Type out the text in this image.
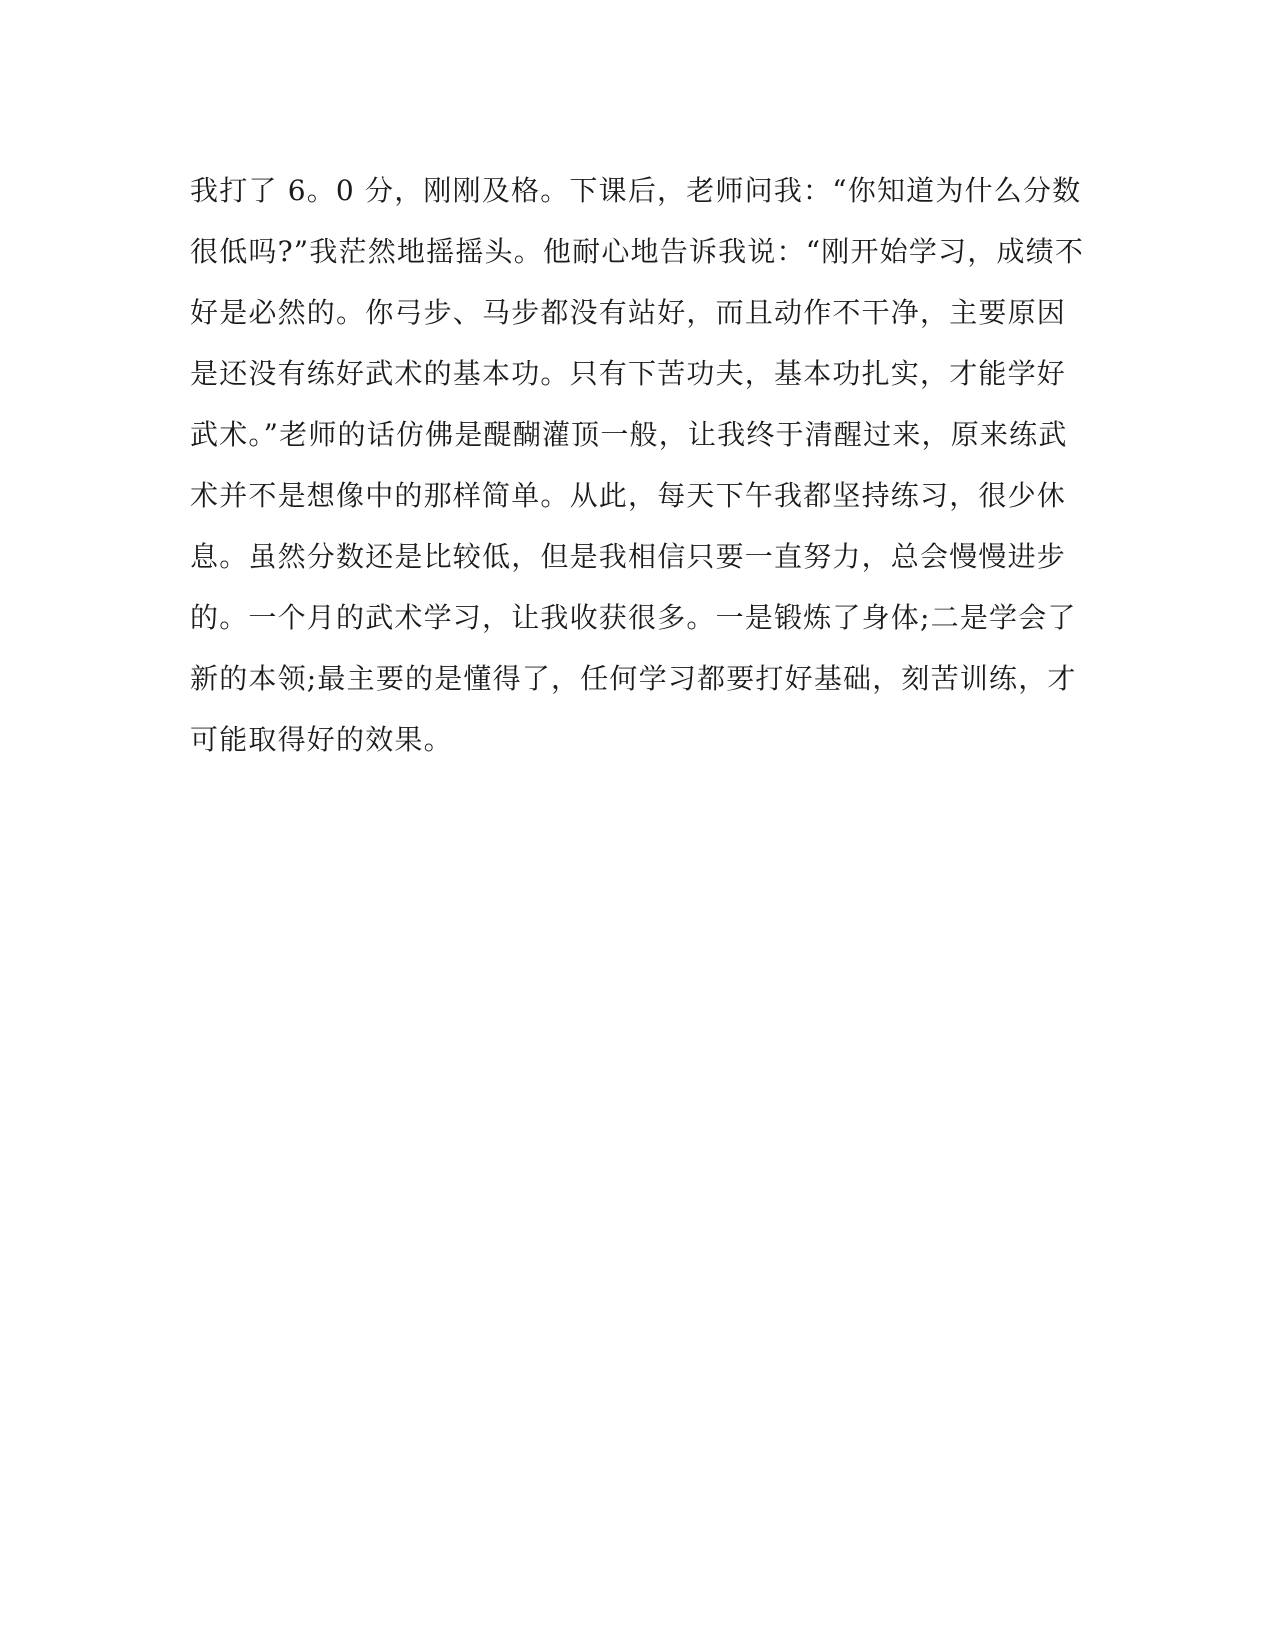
我打了 6。0 分，刚刚及格。下课后，老师问我：“你知道为什么分数
很低吗?”我茫然地摇摇头。他耐心地告诉我说：“刚开始学习，成绩不
好是必然的。你弓步、马步都没有站好，而且动作不干净，主要原因
是还没有练好武术的基本功。只有下苦功夫，基本功扎实，才能学好
武术。”老师的话仿佛是醍醐灌顶一般，让我终于清醒过来，原来练武
术并不是想像中的那样简单。从此，每天下午我都坚持练习，很少休
息。虽然分数还是比较低，但是我相信只要一直努力，总会慢慢进步
的。一个月的武术学习，让我收获很多。一是锻炼了身体;二是学会了
新的本领;最主要的是懂得了，任何学习都要打好基础，刻苦训练，才
可能取得好的效果。
